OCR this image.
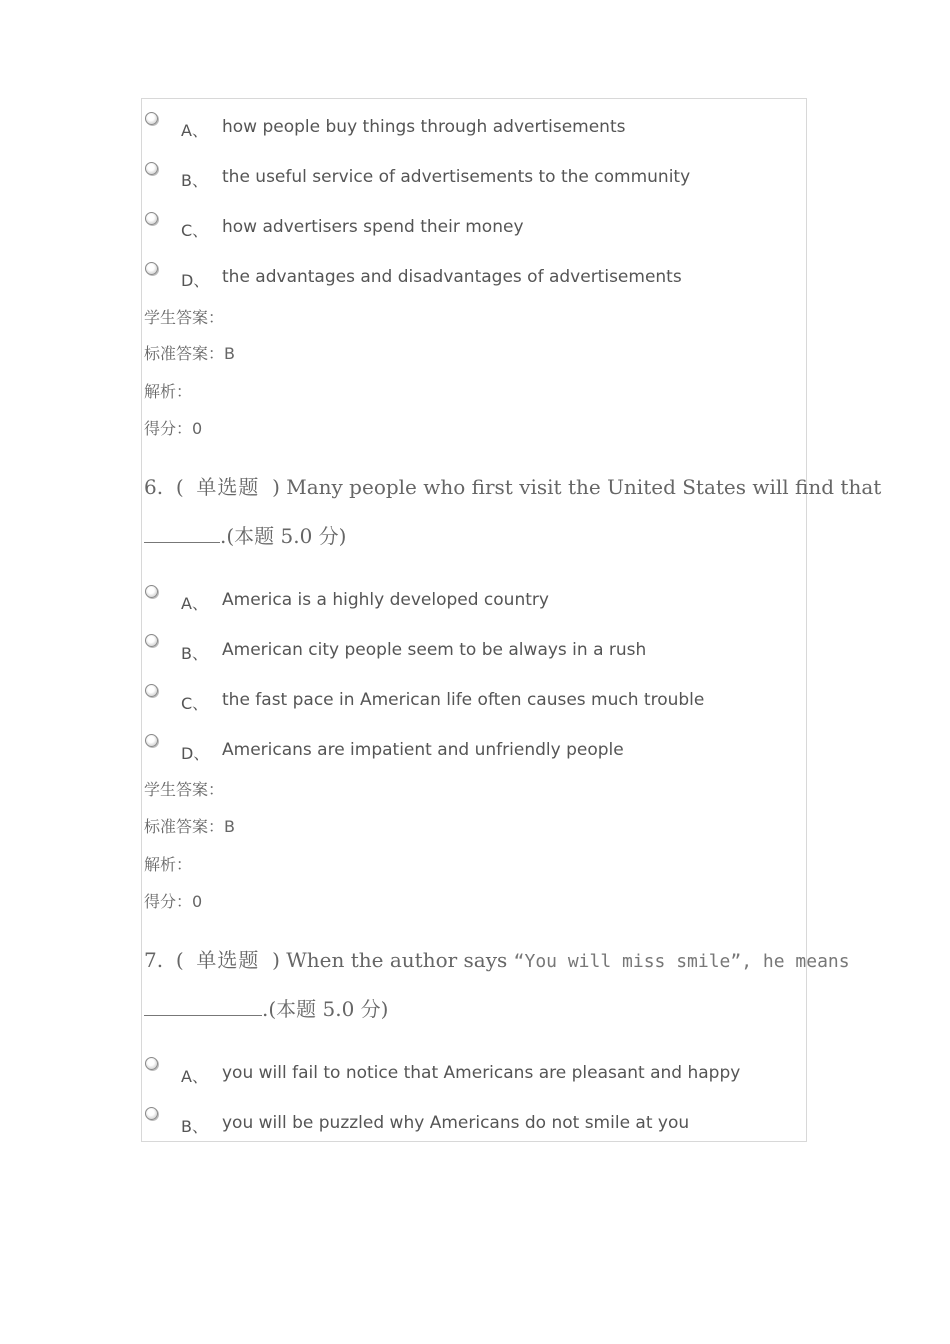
A、 how people buy things through advertisements
B、 the useful service of advertisements to the community
C、 how advertisers spend their money
D、 the advantages and disadvantages of advertisements
学生答案：
标准答案：B
解析：
得分：0
6. ( 单选题 ) Many people who first visit the United States will find that
.(本题 5.0 分)
A、 America is a highly developed country
B、 American city people seem to be always in a rush
C、 the fast pace in American life often causes much trouble
D、 Americans are impatient and unfriendly people
学生答案：
标准答案：B
解析：
得分：0
7. ( 单选题 ) When the author says “You will miss smile”, he means
.(本题 5.0 分)
A、 you will fail to notice that Americans are pleasant and happy
B、 you will be puzzled why Americans do not smile at you
